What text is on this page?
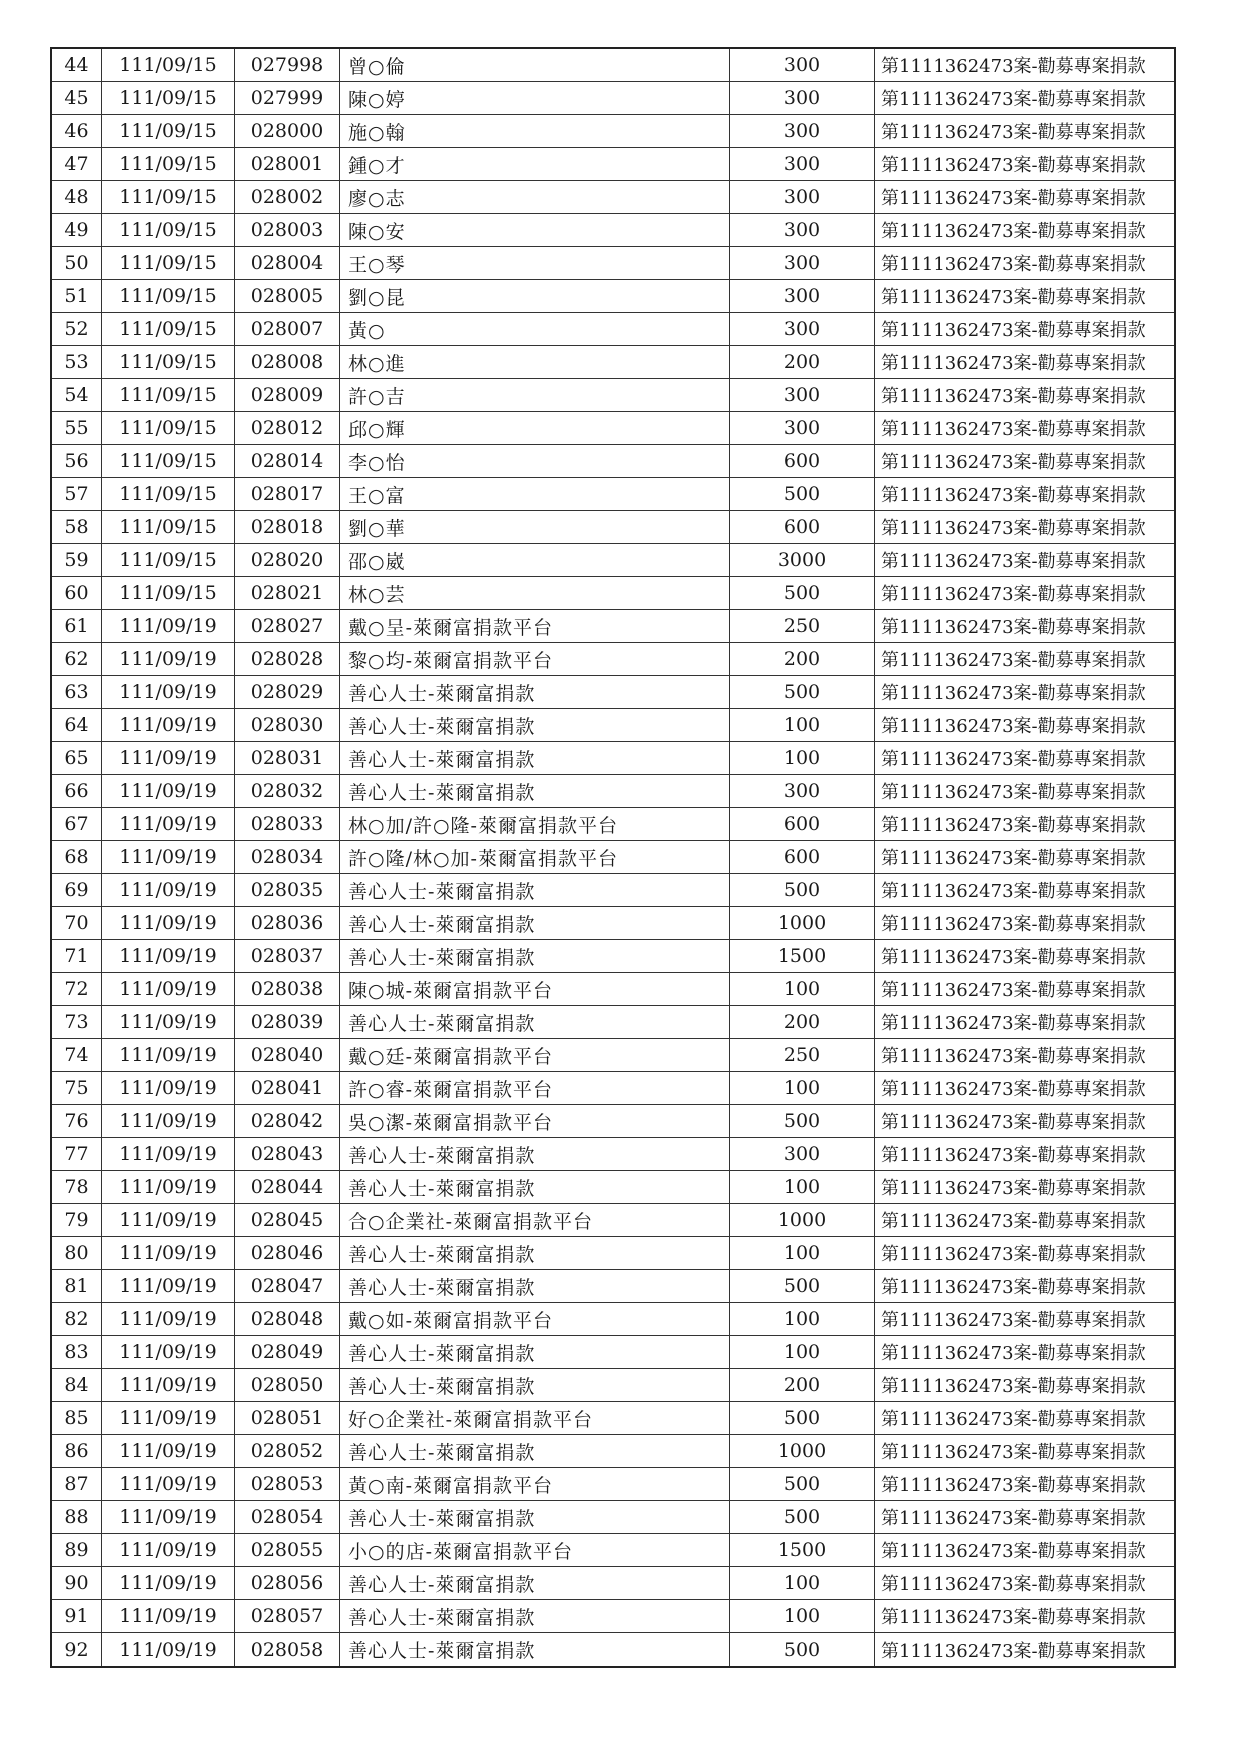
44	111/09/15	027998	曾○倫	300	第1111362473案-勸募專案捐款
45	111/09/15	027999	陳○婷	300	第1111362473案-勸募專案捐款
46	111/09/15	028000	施○翰	300	第1111362473案-勸募專案捐款
47	111/09/15	028001	鍾○才	300	第1111362473案-勸募專案捐款
48	111/09/15	028002	廖○志	300	第1111362473案-勸募專案捐款
49	111/09/15	028003	陳○安	300	第1111362473案-勸募專案捐款
50	111/09/15	028004	王○琴	300	第1111362473案-勸募專案捐款
51	111/09/15	028005	劉○昆	300	第1111362473案-勸募專案捐款
52	111/09/15	028007	黃○	300	第1111362473案-勸募專案捐款
53	111/09/15	028008	林○進	200	第1111362473案-勸募專案捐款
54	111/09/15	028009	許○吉	300	第1111362473案-勸募專案捐款
55	111/09/15	028012	邱○輝	300	第1111362473案-勸募專案捐款
56	111/09/15	028014	李○怡	600	第1111362473案-勸募專案捐款
57	111/09/15	028017	王○富	500	第1111362473案-勸募專案捐款
58	111/09/15	028018	劉○華	600	第1111362473案-勸募專案捐款
59	111/09/15	028020	邵○崴	3000	第1111362473案-勸募專案捐款
60	111/09/15	028021	林○芸	500	第1111362473案-勸募專案捐款
61	111/09/19	028027	戴○呈-萊爾富捐款平台	250	第1111362473案-勸募專案捐款
62	111/09/19	028028	黎○均-萊爾富捐款平台	200	第1111362473案-勸募專案捐款
63	111/09/19	028029	善心人士-萊爾富捐款	500	第1111362473案-勸募專案捐款
64	111/09/19	028030	善心人士-萊爾富捐款	100	第1111362473案-勸募專案捐款
65	111/09/19	028031	善心人士-萊爾富捐款	100	第1111362473案-勸募專案捐款
66	111/09/19	028032	善心人士-萊爾富捐款	300	第1111362473案-勸募專案捐款
67	111/09/19	028033	林○加/許○隆-萊爾富捐款平台	600	第1111362473案-勸募專案捐款
68	111/09/19	028034	許○隆/林○加-萊爾富捐款平台	600	第1111362473案-勸募專案捐款
69	111/09/19	028035	善心人士-萊爾富捐款	500	第1111362473案-勸募專案捐款
70	111/09/19	028036	善心人士-萊爾富捐款	1000	第1111362473案-勸募專案捐款
71	111/09/19	028037	善心人士-萊爾富捐款	1500	第1111362473案-勸募專案捐款
72	111/09/19	028038	陳○城-萊爾富捐款平台	100	第1111362473案-勸募專案捐款
73	111/09/19	028039	善心人士-萊爾富捐款	200	第1111362473案-勸募專案捐款
74	111/09/19	028040	戴○廷-萊爾富捐款平台	250	第1111362473案-勸募專案捐款
75	111/09/19	028041	許○睿-萊爾富捐款平台	100	第1111362473案-勸募專案捐款
76	111/09/19	028042	吳○潔-萊爾富捐款平台	500	第1111362473案-勸募專案捐款
77	111/09/19	028043	善心人士-萊爾富捐款	300	第1111362473案-勸募專案捐款
78	111/09/19	028044	善心人士-萊爾富捐款	100	第1111362473案-勸募專案捐款
79	111/09/19	028045	合○企業社-萊爾富捐款平台	1000	第1111362473案-勸募專案捐款
80	111/09/19	028046	善心人士-萊爾富捐款	100	第1111362473案-勸募專案捐款
81	111/09/19	028047	善心人士-萊爾富捐款	500	第1111362473案-勸募專案捐款
82	111/09/19	028048	戴○如-萊爾富捐款平台	100	第1111362473案-勸募專案捐款
83	111/09/19	028049	善心人士-萊爾富捐款	100	第1111362473案-勸募專案捐款
84	111/09/19	028050	善心人士-萊爾富捐款	200	第1111362473案-勸募專案捐款
85	111/09/19	028051	好○企業社-萊爾富捐款平台	500	第1111362473案-勸募專案捐款
86	111/09/19	028052	善心人士-萊爾富捐款	1000	第1111362473案-勸募專案捐款
87	111/09/19	028053	黃○南-萊爾富捐款平台	500	第1111362473案-勸募專案捐款
88	111/09/19	028054	善心人士-萊爾富捐款	500	第1111362473案-勸募專案捐款
89	111/09/19	028055	小○的店-萊爾富捐款平台	1500	第1111362473案-勸募專案捐款
90	111/09/19	028056	善心人士-萊爾富捐款	100	第1111362473案-勸募專案捐款
91	111/09/19	028057	善心人士-萊爾富捐款	100	第1111362473案-勸募專案捐款
92	111/09/19	028058	善心人士-萊爾富捐款	500	第1111362473案-勸募專案捐款
